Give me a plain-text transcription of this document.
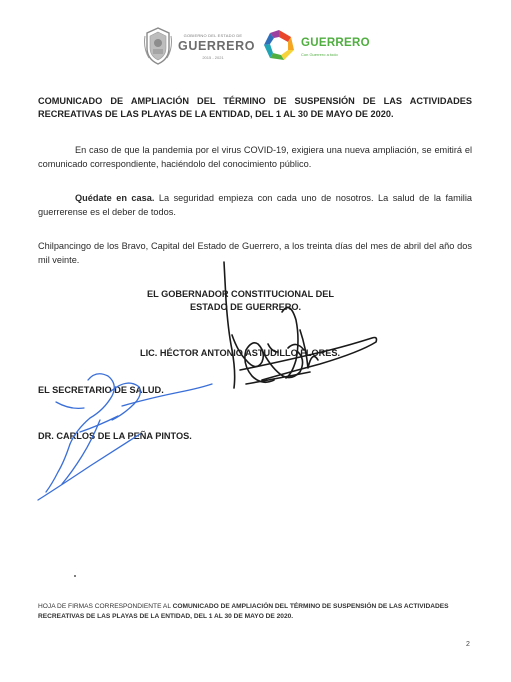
GOBIERNO DEL ESTADO DE
GUERRERO
2015 - 2021
GUERRERO
Con Guerrero a todo
COMUNICADO DE AMPLIACIÓN DEL TÉRMINO DE SUSPENSIÓN DE LAS ACTIVIDADES RECREATIVAS DE LAS PLAYAS DE LA ENTIDAD, DEL 1 AL 30 DE MAYO DE 2020.
En caso de que la pandemia por el virus COVID-19, exigiera una nueva ampliación, se emitirá el comunicado correspondiente, haciéndolo del conocimiento público.
Quédate en casa. La seguridad empieza con cada uno de nosotros. La salud de la familia guerrerense es el deber de todos.
Chilpancingo de los Bravo, Capital del Estado de Guerrero, a los treinta días del mes de abril del año dos mil veinte.
EL GOBERNADOR CONSTITUCIONAL DEL
ESTADO DE GUERRERO.
LIC. HÉCTOR ANTONIO ASTUDILLO FLORES.
EL SECRETARIO DE SALUD.
DR. CARLOS DE LA PEÑA PINTOS.
HOJA DE FIRMAS CORRESPONDIENTE AL COMUNICADO DE AMPLIACIÓN DEL TÉRMINO DE SUSPENSIÓN DE LAS ACTIVIDADES RECREATIVAS DE LAS PLAYAS DE LA ENTIDAD, DEL 1 AL 30 DE MAYO DE 2020.
2
